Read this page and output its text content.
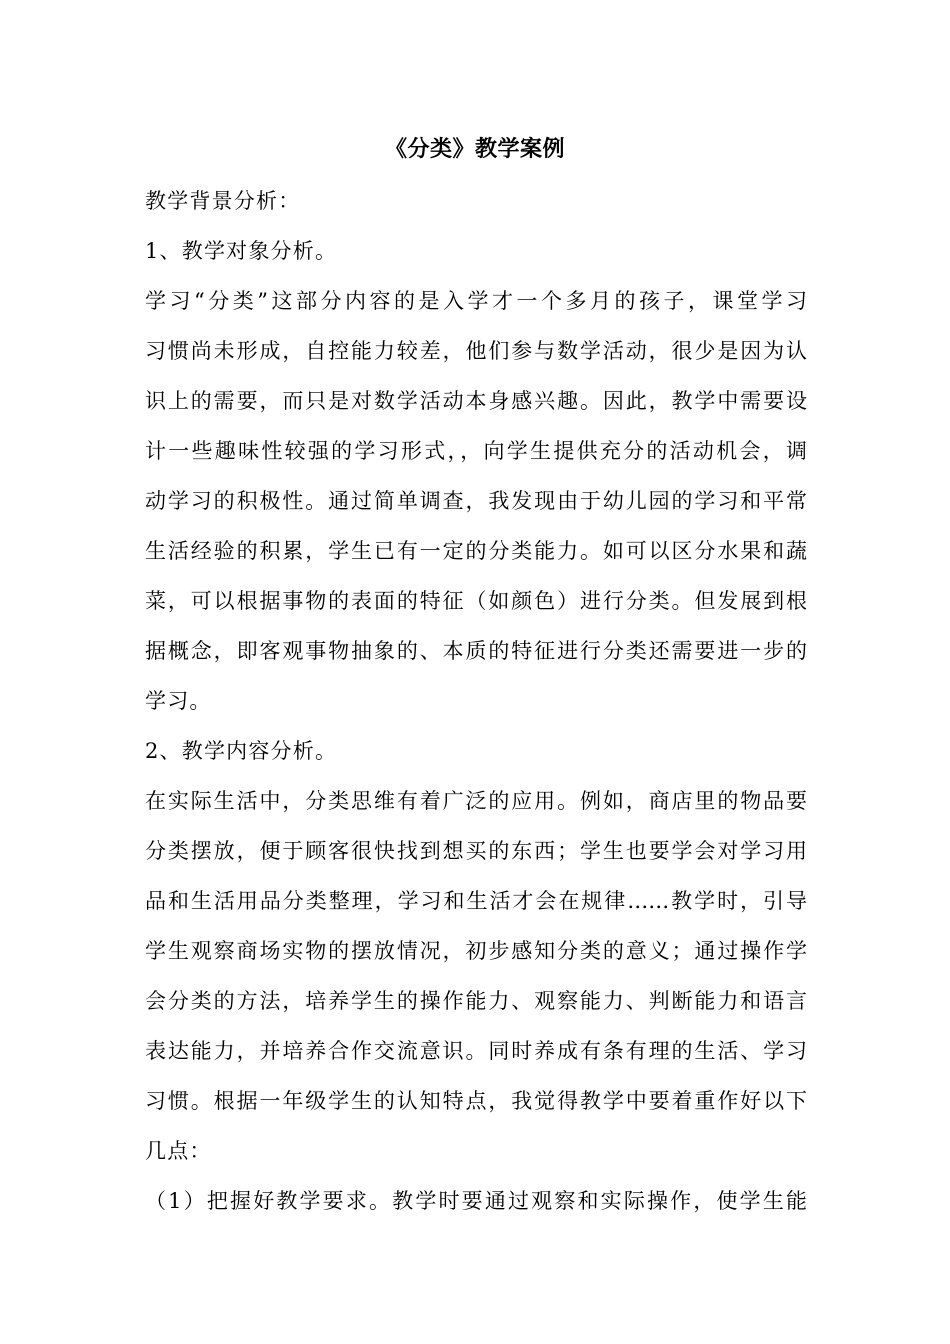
《分类》教学案例
教学背景分析：
1、教学对象分析。
学习“分类”这部分内容的是入学才一个多月的孩子，课堂学习
习惯尚未形成，自控能力较差，他们参与数学活动，很少是因为认
识上的需要，而只是对数学活动本身感兴趣。因此，教学中需要设
计一些趣味性较强的学习形式，，向学生提供充分的活动机会，调
动学习的积极性。通过简单调查，我发现由于幼儿园的学习和平常
生活经验的积累，学生已有一定的分类能力。如可以区分水果和蔬
菜，可以根据事物的表面的特征（如颜色）进行分类。但发展到根
据概念，即客观事物抽象的、本质的特征进行分类还需要进一步的
学习。
2、教学内容分析。
在实际生活中，分类思维有着广泛的应用。例如，商店里的物品要
分类摆放，便于顾客很快找到想买的东西；学生也要学会对学习用
品和生活用品分类整理，学习和生活才会在规律……教学时，引导
学生观察商场实物的摆放情况，初步感知分类的意义；通过操作学
会分类的方法，培养学生的操作能力、观察能力、判断能力和语言
表达能力，并培养合作交流意识。同时养成有条有理的生活、学习
习惯。根据一年级学生的认知特点，我觉得教学中要着重作好以下
几点：
（1）把握好教学要求。教学时要通过观察和实际操作，使学生能
